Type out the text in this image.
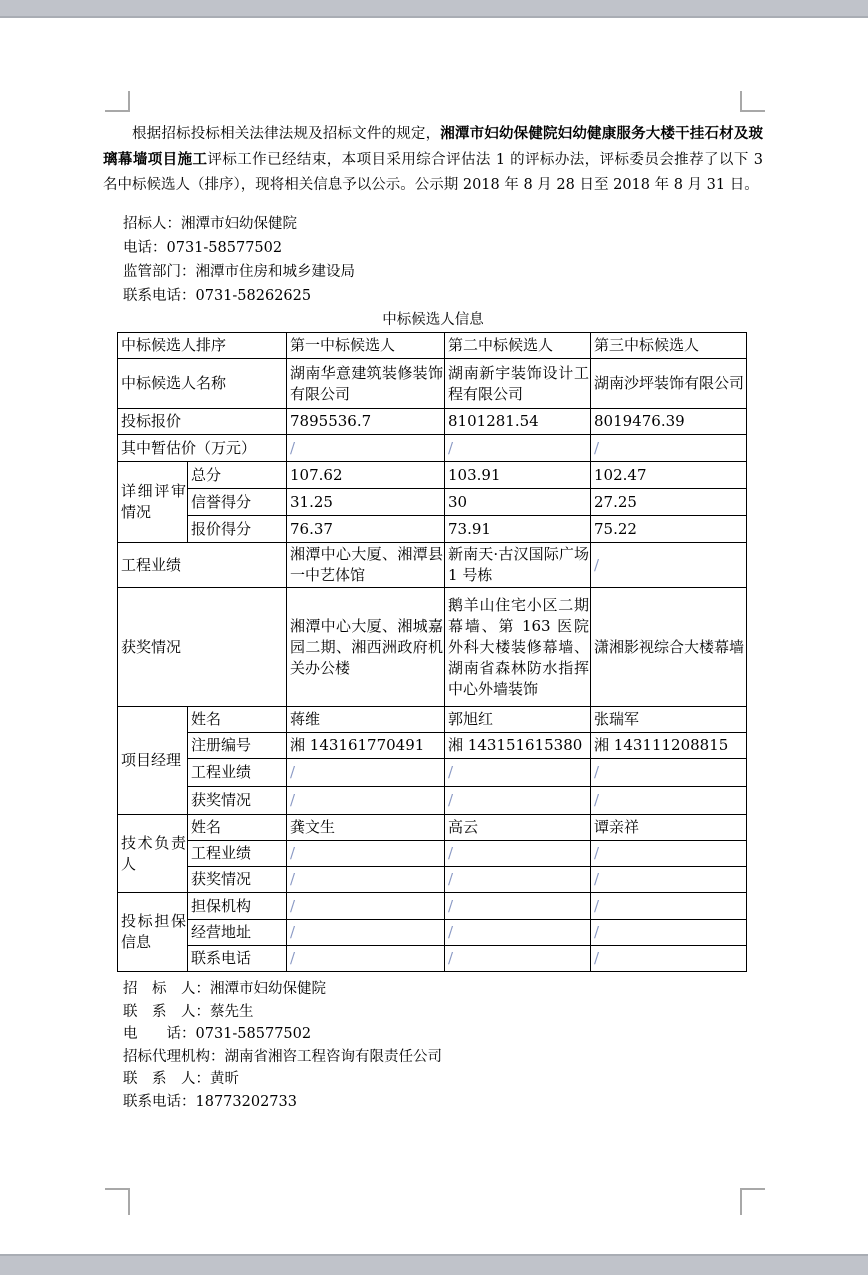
根据招标投标相关法律法规及招标文件的规定，湘潭市妇幼保健院妇幼健康服务大楼干挂石材及玻璃幕墙项目施工评标工作已经结束，本项目采用综合评估法 1 的评标办法，评标委员会推荐了以下 3 名中标候选人（排序），现将相关信息予以公示。公示期 2018 年 8 月 28 日至 2018 年 8 月 31 日。

招标人：湘潭市妇幼保健院
电话：0731-58577502
监管部门：湘潭市住房和城乡建设局
联系电话：0731-58262625
中标候选人信息
中标候选人排序		第一中标候选人	第二中标候选人	第三中标候选人
中标候选人名称		湖南华意建筑装修装饰有限公司	湖南新宇装饰设计工程有限公司	湖南沙坪装饰有限公司
投标报价		7895536.7	8101281.54	8019476.39
其中暂估价（万元）		/	/	/
详细评审情况	总分	107.62	103.91	102.47
	信誉得分	31.25	30	27.25
	报价得分	76.37	73.91	75.22
工程业绩		湘潭中心大厦、湘潭县一中艺体馆	新南天·古汉国际广场 1 号栋	/
获奖情况		湘潭中心大厦、湘城嘉园二期、湘西洲政府机关办公楼	鹅羊山住宅小区二期幕墙、第 163 医院外科大楼装修幕墙、湖南省森林防水指挥中心外墙装饰	潇湘影视综合大楼幕墙
项目经理	姓名	蒋维	郭旭红	张瑞军
	注册编号	湘 143161770491	湘 143151615380	湘 143111208815
	工程业绩	/	/	/
	获奖情况	/	/	/
技术负责人	姓名	龚文生	高云	谭亲祥
	工程业绩	/	/	/
	获奖情况	/	/	/
投标担保信息	担保机构	/	/	/
	经营地址	/	/	/
	联系电话	/	/	/
招　标　人：湘潭市妇幼保健院
联　系　人：蔡先生
电　　话：0731-58577502
招标代理机构：湖南省湘咨工程咨询有限责任公司
联　系　人：黄昕
联系电话：18773202733
